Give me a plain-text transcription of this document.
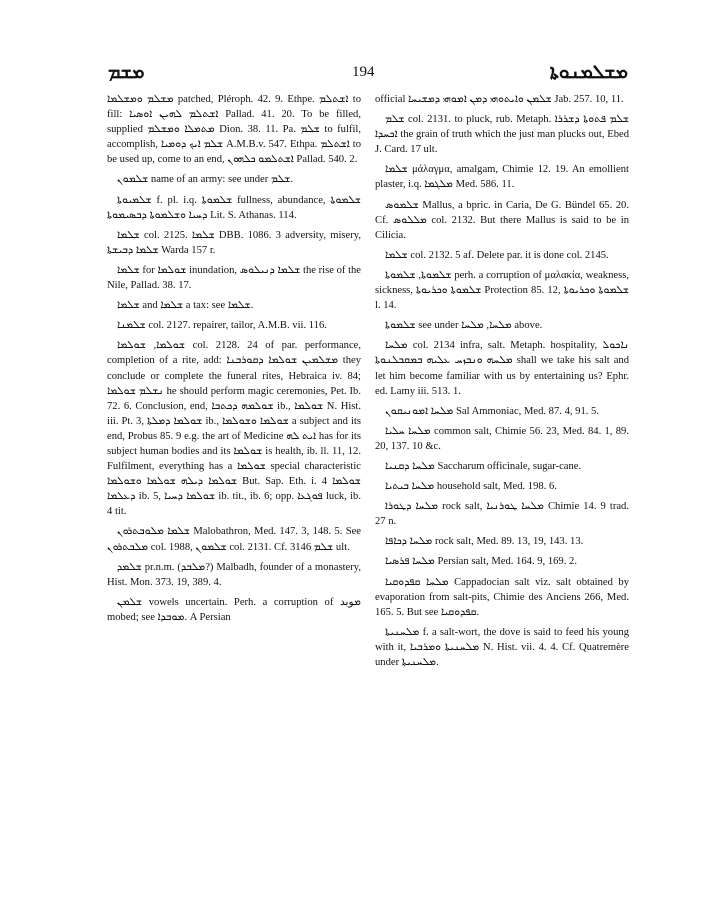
ܡܫܡ	194	ܡܫܠܡܢܘܬܐ

ܡܫܠܡ ܘܡܫܠܡܐ patched, Pléroph. 42. 9. Ethpe. ܐܫܬܠܡ to fill: ܐܫܬܠܡ ܠܗܝܢ ܐܘܣܝܐ Pallad. 41. 20. To be filled, supplied ܡܬܡܠܐ ܘܡܫܠܡ Dion. 38. 11. Pa. ܫܠܡ to fulfil, accomplish, ܫܠܡ ܐܝܟ ܕܘܡܝܐ A.M.B.v. 547. Ethpa. ܐܫܬܠܡ to be used up, come to an end, ܐܫܬܠܡܘ ܟܠܗܘܢ Pallad. 540. 2.

ܫܠܡܘܢ name of an army: see under ܫܠܡ.

ܫܠܡܝܘܬܐ f. pl. i.q. ܫܠܡܘܬܐ fullness, abundance, ܫܠܡܘܬܐ ܕܚܝܐ ܘܫܠܡܘܬܐ ܕܒܣܝܡܘܬܐ Lit. S. Athanas. 114.

ܫܠܡܐ col. 2125. ܫܠܡܐ DBB. 1086. 3 adversity, misery, ܫܠܡܐ ܕܒܝܫܬܐ Warda 157 r.

ܫܠܡܐ for ܫܘܠܡܐ inundation, ܫܠܡܐ ܕܢܝܠܘܣ the rise of the Nile, Pallad. 38. 17.

ܫܠܡܐ and ܫܠܡܐ a tax: see ܫܠܡܐ.

ܫܠܡܢܐ col. 2127. repairer, tailor, A.M.B. vii. 116.

ܫܘܠܡܐ, ܫܘܠܡܐ col. 2128. 24 of par. performance, completion of a rite, add: ܡܫܠܡܝܢ ܫܘܠܡܐ ܕܩܘܪܒܢܐ they conclude or complete the funeral rites, Hebraica iv. 84; ܢܫܠܡ ܫܘܠܡܐ he should perform magic ceremonies, Pet. Ib. 72. 6. Conclusion, end, ܫܘܠܡܗ ܕܟܬܒܐ ib., ܫܘܠܡܐ N. Hist. iii. Pt. 3, ܫܘܠܡܐ ܕܡܠܬܐ ib., ܫܘܠܡܐ ܘܫܘܠܡܐ a subject and its end, Probus 85. 9 e.g. the art of Medicine ܐܝܬ ܠܗ has for its subject human bodies and its ܫܘܠܡܐ is health, ib. ll. 11, 12. Fulfilment, everything has a ܫܘܠܡܐ special characteristic ܫܘܠܡܐ ܕܝܠܗ ܫܘܠܡܐ ܘܫܘܠܡܐ But. Sap. Eth. i. 4 ܫܘܠܡܐ ܕܥܠܡܐ ib. 5, ܫܘܠܡܐ ܕܚܝܐ ib. tit., ib. 6; opp. ܦܘܓܥܐ luck, ib. 4 tit.

ܫܠܡܐ ܡܠܘܒܬܪܘܢ Malobathron, Med. 147. 3, 148. 5. See ܡܠܒܬܪܘܢ col. 1988, ܫܠܡܘܢ col. 2131. Cf. ܫܠܡ 3146 ult.

ܫܠܡܕ pr.n.m. (ܡܠܒܕ?) Malbadh, founder of a monastery, Hist. Mon. 373. 19, 389. 4.

ܫܠܡܢ vowels uncertain. Perh. a corruption of ܡوبد mobed; see ܡܘܒܕܐ. A Persian

official ܫܠܡܢ ܘܐܝܬܘܗܝ ܕܡܢ ܐܡܘܗܝ ܕܡܫܝܚܐ Jab. 257. 10, 11.

ܫܠܡ col. 2131. to pluck, rub. Metaph. ܫܠܡ ܦܬܘܬܐ ܕܫܪܪܐ ܐܟܚܕܐ the grain of truth which the just man plucks out, Ebed J. Card. 17 ult.

ܫܠܡܐ μάλαγμα, amalgam, Chimie 12. 19. An emollient plaster, i.q. ܡܠܓܡܐ Med. 586. 11.

ܫܠܡܘܣ Mallus, a bpric. in Caria, De G. Bündel 65. 20. Cf. ܡܠܠܘܣ col. 2132. But there Mallus is said to be in Cilicia.

ܫܠܡܐ col. 2132. 5 af. Delete par. it is done col. 2145.

ܫܠܡܘܬܐ, ܫܠܡܘܬܐ perh. a corruption of μαλακία, weakness, sickness, ܫܠܡܘܬܐ ܘܟܪܝܘܬܐ Protection 85. 12, ܫܠܡܘܬܐ ܘܟܪܝܘܬܐ l. 14.

ܫܠܡܘܬܐ see under ܡܠܚܐ, ܡܠܚܐ above.

ܡܠܚܐ col. 2134 infra, salt. Metaph. hospitality, ܢܐܟܘܠ ܡܠܚܗ ܘܢܒܙܚ ܥܠܝܗ ܒܡܩܒܠܢܘܬܐ shall we take his salt and let him become familiar with us by entertaining us? Ephr. ed. Lamy iii. 513. 1.

ܡܠܚܐ ܐܡܘܢܝܩܘܢ Sal Ammoniac, Med. 87. 4, 91. 5.

ܡܠܚܐ ܚܠܝܐ common salt, Chimie 56. 23, Med. 84. 1, 89. 20, 137. 10 &c.

ܡܠܚܐ ܕܩܢܝܐ Saccharum officinale, sugar-cane.

ܡܠܚܐ ܒܝܬܝܐ household salt, Med. 198. 6.

ܡܠܚܐ ܕܛܘܪܐ rock salt, ܡܠܚܐ ܛܘܪܢܝܐ Chimie 14. 9 trad. 27 n.

ܡܠܚܐ ܕܟܐܦܐ rock salt, Med. 89. 13, 19, 143. 13.

ܡܠܚܐ ܦܪܣܝܐ Persian salt, Med. 164. 9, 169. 2.

ܡܠܚܐ ܩܦܕܘܩܝܐ Cappadocian salt viz. salt obtained by evaporation from salt-pits, Chimie des Anciens 266, Med. 165. 5. But see ܩܦܕܘܩܝܐ.

ܡܠܚܢܝܬܐ f. a salt-wort, the dove is said to feed his young with it, ܡܠܚܢܝܬܐ ܘܡܪܒܝܐ N. Hist. vii. 4. 4. Cf. Quatremère under ܡܠܚܢܝܬܐ.
